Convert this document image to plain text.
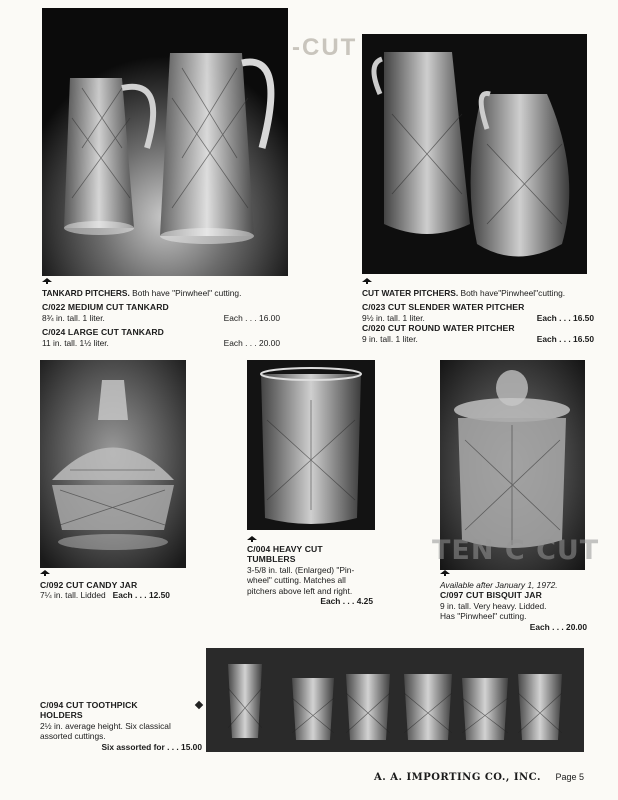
-CUT
TANKARD PITCHERS. Both have "Pinwheel" cutting.
C/022 MEDIUM CUT TANKARD
8¾ in. tall. 1 liter.	Each . . . 16.00
C/024 LARGE CUT TANKARD
11 in. tall. 1½ liter.	Each . . . 20.00
CUT WATER PITCHERS. Both have"Pinwheel"cutting.
C/023 CUT SLENDER WATER PITCHER
9½ in. tall. 1 liter.	Each . . . 16.50
C/020 CUT ROUND WATER PITCHER
9 in. tall. 1 liter.	Each . . . 16.50
TEN C CUT
C/092 CUT CANDY JAR
7¼ in. tall. Lidded Each . . . 12.50
C/004 HEAVY CUT
TUMBLERS
3-5/8 in. tall. (Enlarged) "Pin-
wheel" cutting. Matches all
pitchers above left and right.
Each . . . 4.25
Available after January 1, 1972.
C/097 CUT BISQUIT JAR
9 in. tall. Very heavy. Lidded.
Has "Pinwheel" cutting.
Each . . . 20.00
C/094 CUT TOOTHPICK
HOLDERS
2½ in. average height. Six classical
assorted cuttings.
Six assorted for . . . 15.00
A. A. IMPORTING CO., INC. Page 5
